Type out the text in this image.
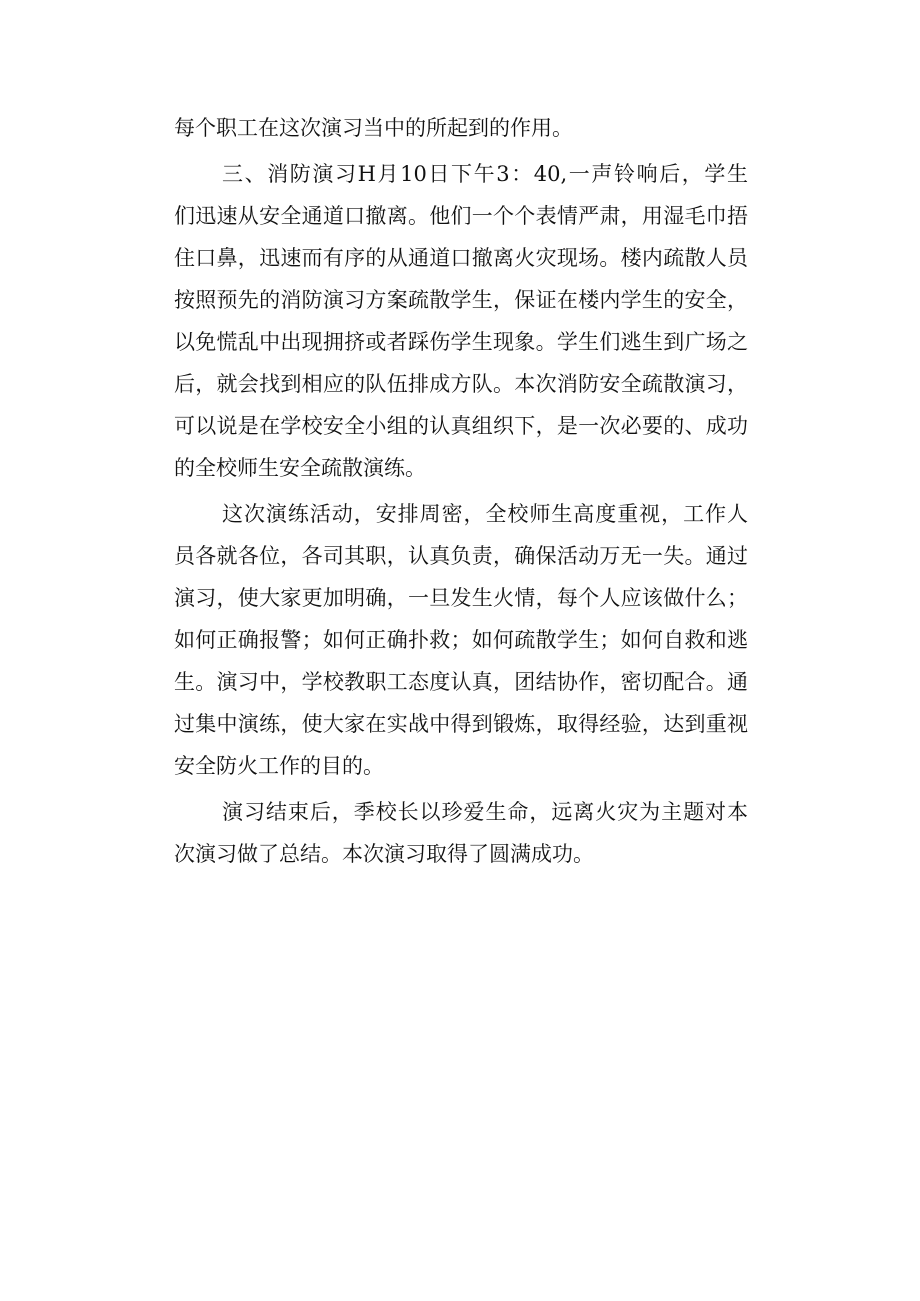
每个职工在这次演习当中的所起到的作用。
三、消防演习H月10日下午3：40,一声铃响后，学生
们迅速从安全通道口撤离。他们一个个表情严肃，用湿毛巾捂
住口鼻，迅速而有序的从通道口撤离火灾现场。楼内疏散人员
按照预先的消防演习方案疏散学生，保证在楼内学生的安全，
以免慌乱中出现拥挤或者踩伤学生现象。学生们逃生到广场之
后，就会找到相应的队伍排成方队。本次消防安全疏散演习，
可以说是在学校安全小组的认真组织下，是一次必要的、成功
的全校师生安全疏散演练。
这次演练活动，安排周密，全校师生高度重视，工作人
员各就各位，各司其职，认真负责，确保活动万无一失。通过
演习，使大家更加明确，一旦发生火情，每个人应该做什么；
如何正确报警；如何正确扑救；如何疏散学生；如何自救和逃
生。演习中，学校教职工态度认真，团结协作，密切配合。通
过集中演练，使大家在实战中得到锻炼，取得经验，达到重视
安全防火工作的目的。
演习结束后，季校长以珍爱生命，远离火灾为主题对本
次演习做了总结。本次演习取得了圆满成功。
